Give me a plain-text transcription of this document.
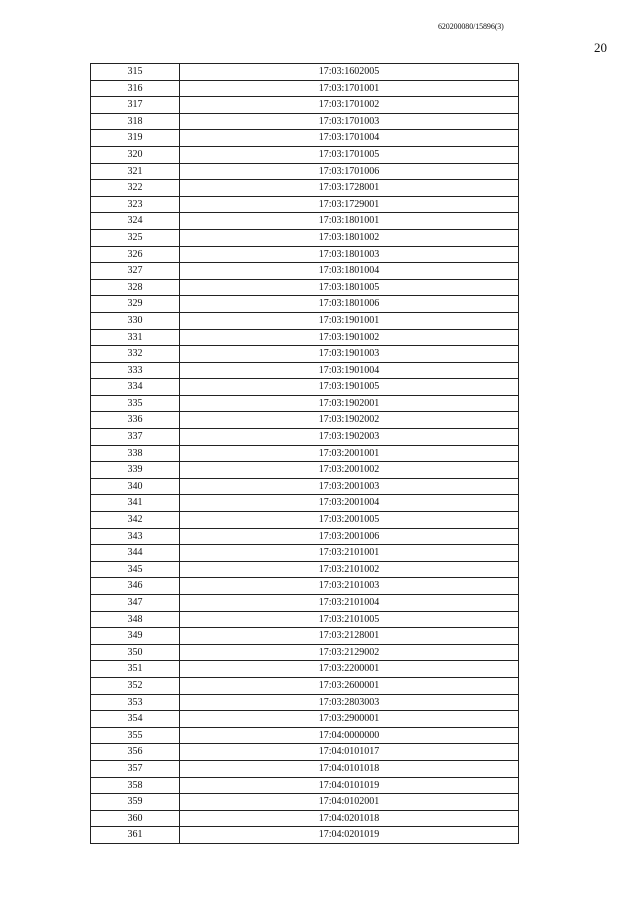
620200080/15896(3)
20
315	17:03:1602005
316	17:03:1701001
317	17:03:1701002
318	17:03:1701003
319	17:03:1701004
320	17:03:1701005
321	17:03:1701006
322	17:03:1728001
323	17:03:1729001
324	17:03:1801001
325	17:03:1801002
326	17:03:1801003
327	17:03:1801004
328	17:03:1801005
329	17:03:1801006
330	17:03:1901001
331	17:03:1901002
332	17:03:1901003
333	17:03:1901004
334	17:03:1901005
335	17:03:1902001
336	17:03:1902002
337	17:03:1902003
338	17:03:2001001
339	17:03:2001002
340	17:03:2001003
341	17:03:2001004
342	17:03:2001005
343	17:03:2001006
344	17:03:2101001
345	17:03:2101002
346	17:03:2101003
347	17:03:2101004
348	17:03:2101005
349	17:03:2128001
350	17:03:2129002
351	17:03:2200001
352	17:03:2600001
353	17:03:2803003
354	17:03:2900001
355	17:04:0000000
356	17:04:0101017
357	17:04:0101018
358	17:04:0101019
359	17:04:0102001
360	17:04:0201018
361	17:04:0201019
